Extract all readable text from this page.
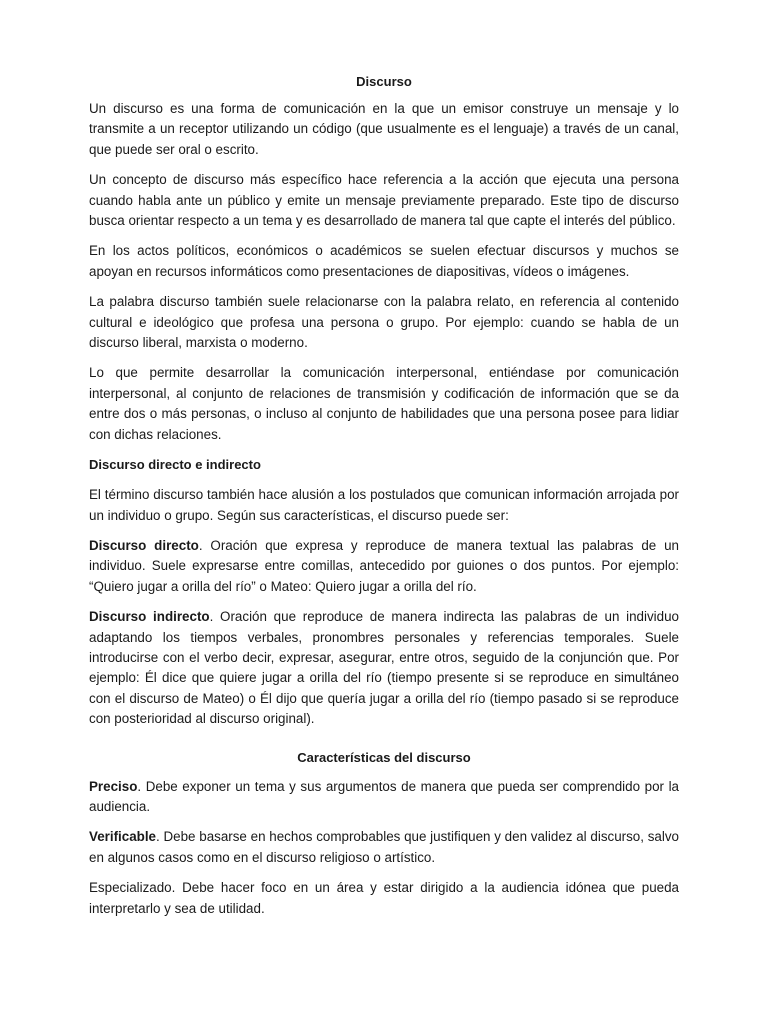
Discurso

Un discurso es una forma de comunicación en la que un emisor construye un mensaje y lo transmite a un receptor utilizando un código (que usualmente es el lenguaje) a través de un canal, que puede ser oral o escrito.

Un concepto de discurso más específico hace referencia a la acción que ejecuta una persona cuando habla ante un público y emite un mensaje previamente preparado. Este tipo de discurso busca orientar respecto a un tema y es desarrollado de manera tal que capte el interés del público.

En los actos políticos, económicos o académicos se suelen efectuar discursos y muchos se apoyan en recursos informáticos como presentaciones de diapositivas, vídeos o imágenes.

La palabra discurso también suele relacionarse con la palabra relato, en referencia al contenido cultural e ideológico que profesa una persona o grupo. Por ejemplo: cuando se habla de un discurso liberal, marxista o moderno.

Lo que permite desarrollar la comunicación interpersonal, entiéndase por comunicación interpersonal, al conjunto de relaciones de transmisión y codificación de información que se da entre dos o más personas, o incluso al conjunto de habilidades que una persona posee para lidiar con dichas relaciones.

Discurso directo e indirecto

El término discurso también hace alusión a los postulados que comunican información arrojada por un individuo o grupo. Según sus características, el discurso puede ser:

Discurso directo. Oración que expresa y reproduce de manera textual las palabras de un individuo. Suele expresarse entre comillas, antecedido por guiones o dos puntos. Por ejemplo: “Quiero jugar a orilla del río” o Mateo: Quiero jugar a orilla del río.

Discurso indirecto. Oración que reproduce de manera indirecta las palabras de un individuo adaptando los tiempos verbales, pronombres personales y referencias temporales. Suele introducirse con el verbo decir, expresar, asegurar, entre otros, seguido de la conjunción que. Por ejemplo: Él dice que quiere jugar a orilla del río (tiempo presente si se reproduce en simultáneo con el discurso de Mateo) o Él dijo que quería jugar a orilla del río (tiempo pasado si se reproduce con posterioridad al discurso original).

Características del discurso

Preciso. Debe exponer un tema y sus argumentos de manera que pueda ser comprendido por la audiencia.

Verificable. Debe basarse en hechos comprobables que justifiquen y den validez al discurso, salvo en algunos casos como en el discurso religioso o artístico.

Especializado. Debe hacer foco en un área y estar dirigido a la audiencia idónea que pueda interpretarlo y sea de utilidad.
